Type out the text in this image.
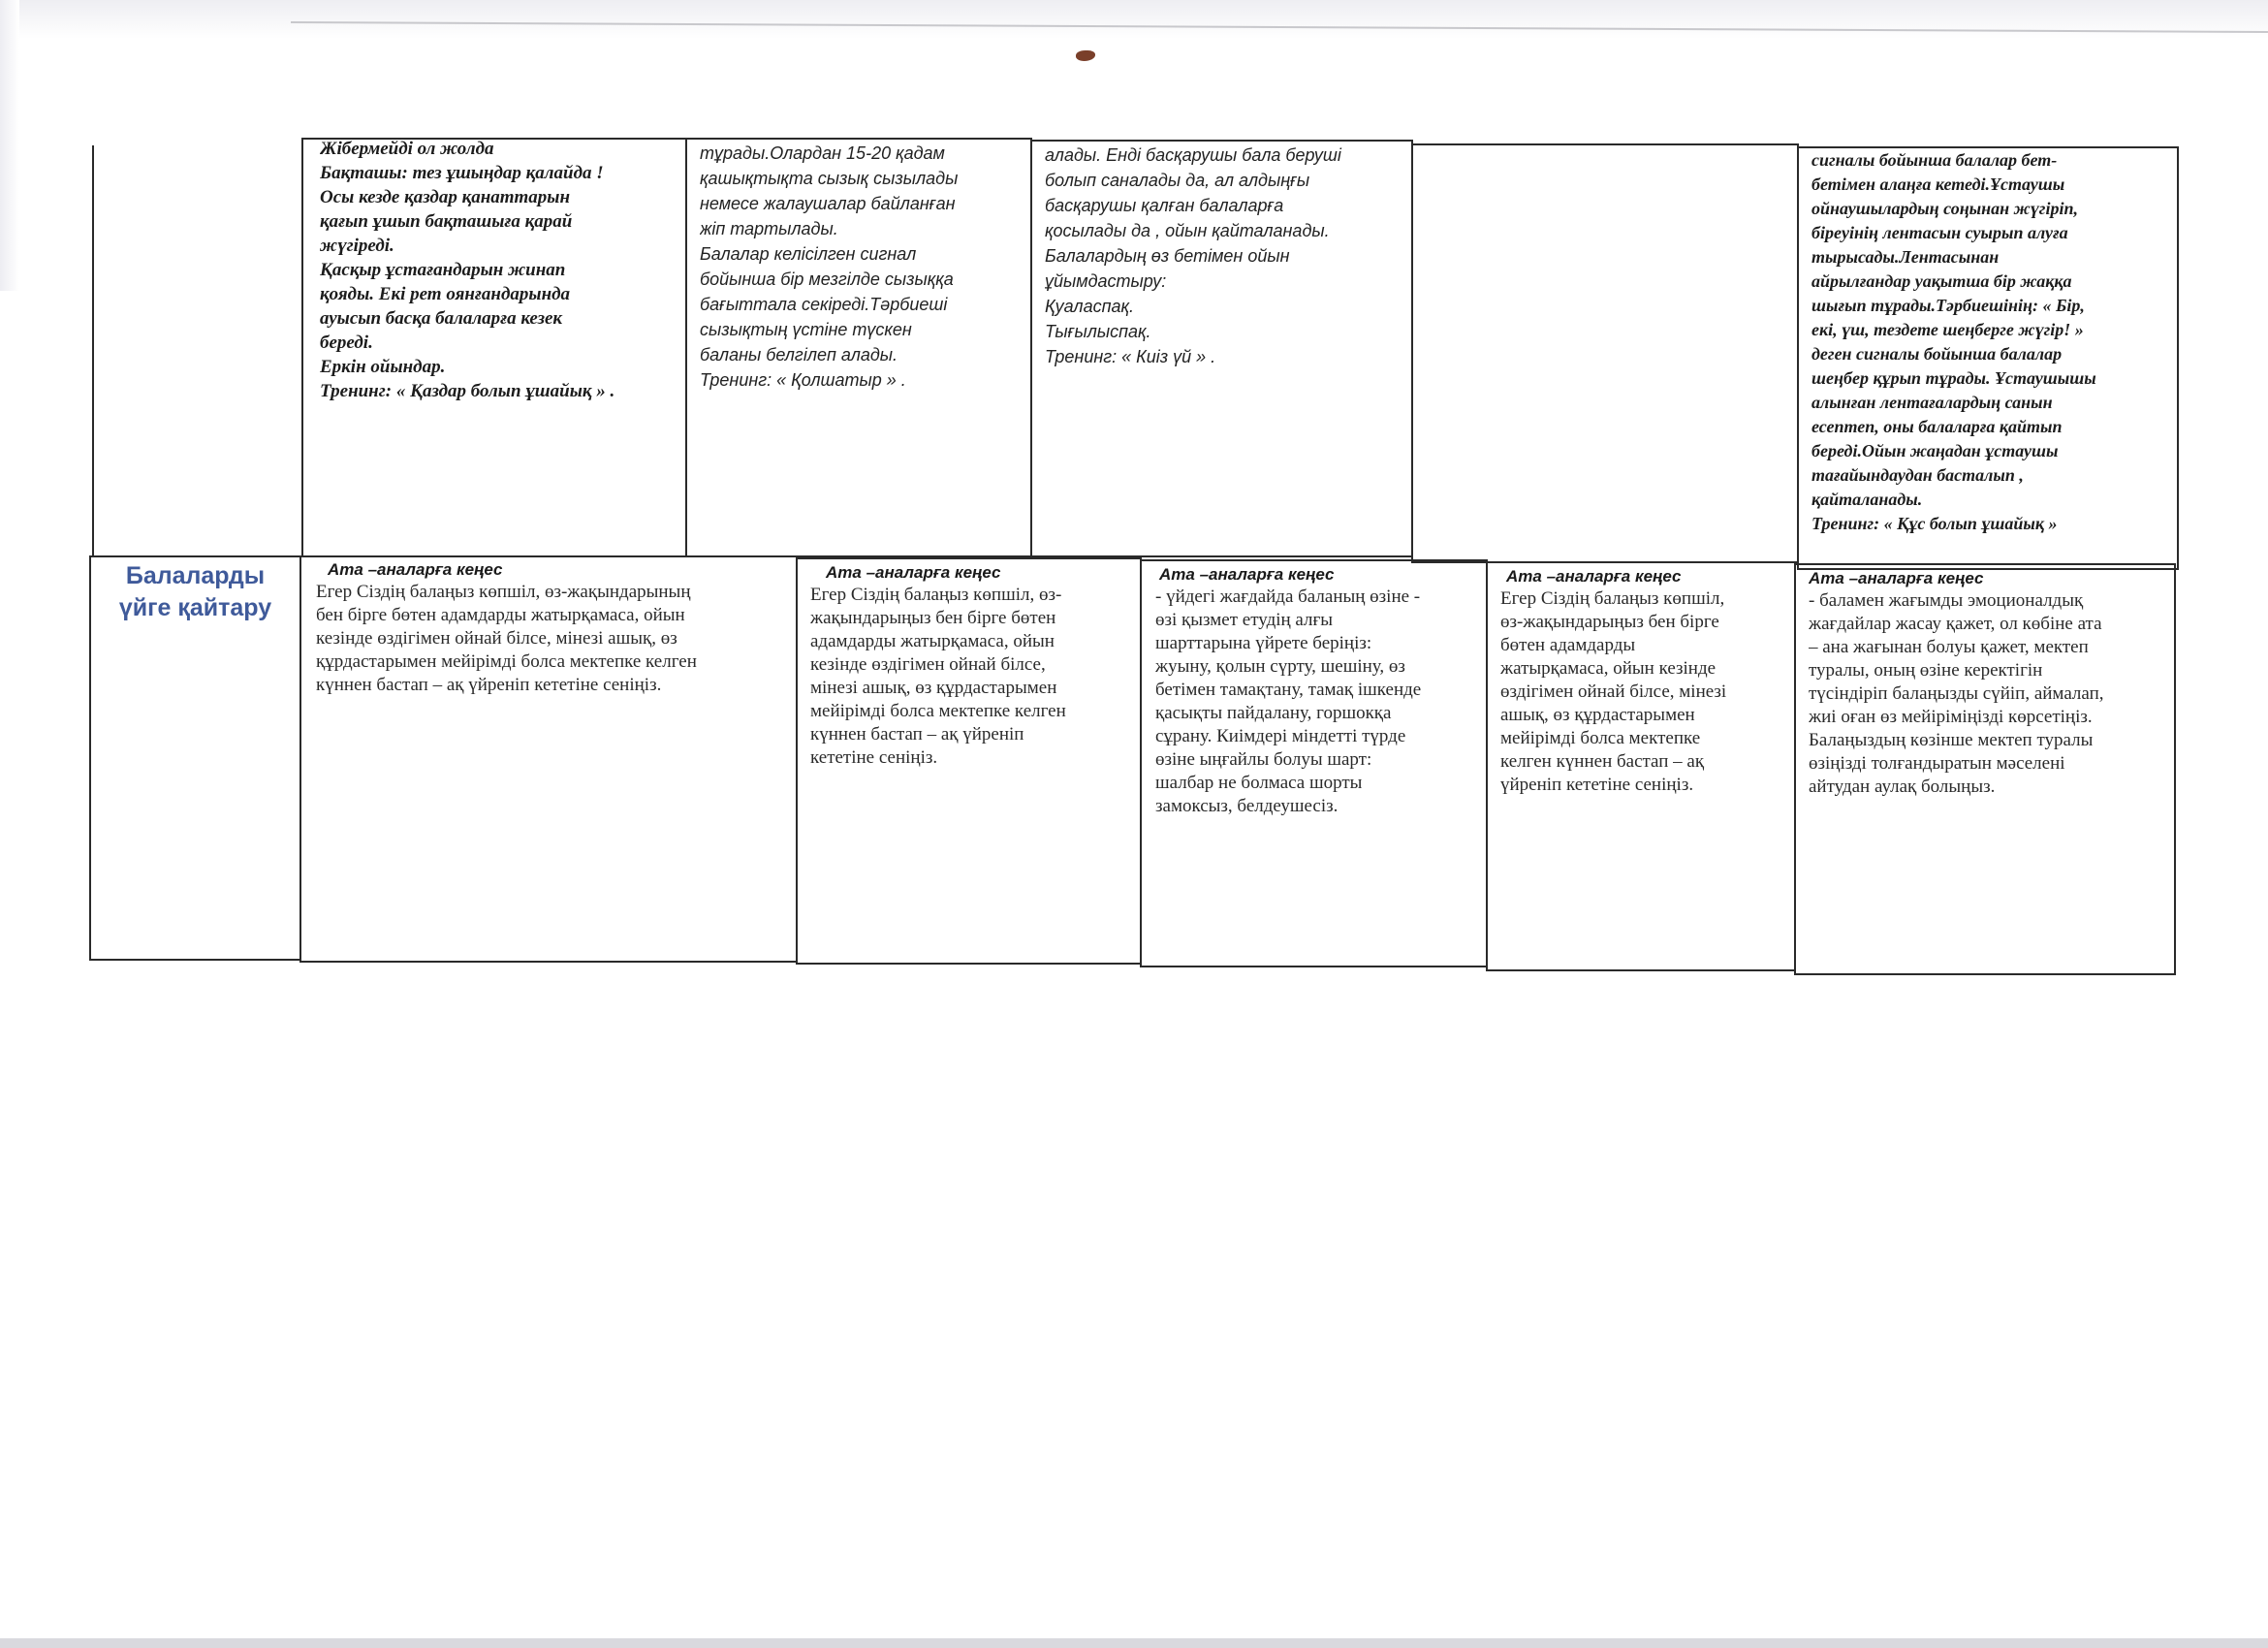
Жібермейді ол жолда
Бақташы: тез ұшыңдар қалайда !
Осы кезде қаздар қанаттарын
қағып ұшып бақташыға қарай
жүгіреді.
Қасқыр ұстағандарын жинап
қояды. Екі рет оянғандарында
ауысып басқа балаларға кезек
береді.
Еркін ойындар.
Тренинг: « Қаздар болып ұшайық » .
тұрады.Олардан 15-20 қадам
қашықтықта сызық сызылады
немесе жалаушалар байланған
жіп тартылады.
Балалар келісілген сигнал
бойынша бір мезгілде сызыққа
бағыттала секіреді.Тәрбиеші
сызықтың үстіне түскен
баланы белгілеп алады.
Тренинг: « Қолшатыр » .
алады. Енді басқарушы бала беруші
болып саналады да, ал алдыңғы
басқарушы қалған балаларға
қосылады да , ойын қайталанады.
Балалардың өз бетімен ойын
ұйымдастыру:
Қуаласпақ.
Тығылыспақ.
Тренинг: « Киіз үй » .
сигналы бойынша балалар бет-
бетімен алаңға кетеді.Ұстаушы
ойнаушылардың соңынан жүгіріп,
біреуінің лентасын суырып алуға
тырысады.Лентасынан
айрылғандар уақытша бір жаққа
шығып тұрады.Тәрбиешінің: « Бір,
екі, үш, тездете шеңберге жүгір! »
деген сигналы бойынша балалар
шеңбер құрып тұрады. Ұстаушышы
алынған лентағалардың санын
есептеп, оны балаларға қайтып
береді.Ойын жаңадан ұстаушы
тағайындаудан басталып ,
қайталанады.
Тренинг: « Құс болып ұшайық »
Балаларды
үйге қайтару
Ата –аналарға кеңес
Егер Сіздің балаңыз көпшіл, өз-жақындарының
бен бірге бөтен адамдарды жатырқамаса, ойын
кезінде өздігімен ойнай білсе, мінезі ашық, өз
құрдастарымен мейірімді болса мектепке келген
күннен бастап – ақ үйреніп кететіне сеніңіз.
Ата –аналарға кеңес
Егер Сіздің балаңыз көпшіл, өз-
жақындарыңыз бен бірге бөтен
адамдарды жатырқамаса, ойын
кезінде өздігімен ойнай білсе,
мінезі ашық, өз құрдастарымен
мейірімді болса мектепке келген
күннен бастап – ақ үйреніп
кететіне сеніңіз.
Ата –аналарға кеңес
- үйдегі жағдайда баланың өзіне -
өзі қызмет етудің алғы
шарттарына үйрете беріңіз:
жуыну, қолын сүрту, шешіну, өз
бетімен тамақтану, тамақ ішкенде
қасықты пайдалану, горшокқа
сұрану. Киімдері міндетті түрде
өзіне ыңғайлы болуы шарт:
шалбар не болмаса шорты
замоксыз, белдеушесіз.
Ата –аналарға кеңес
Егер Сіздің балаңыз көпшіл,
өз-жақындарыңыз бен бірге
бөтен адамдарды
жатырқамаса, ойын кезінде
өздігімен ойнай білсе, мінезі
ашық, өз құрдастарымен
мейірімді болса мектепке
келген күннен бастап – ақ
үйреніп кететіне сеніңіз.
Ата –аналарға кеңес
- баламен жағымды эмоционалдық
жағдайлар жасау қажет, ол көбіне ата
– ана жағынан болуы қажет, мектеп
туралы, оның өзіне керектігін
түсіндіріп балаңызды сүйіп, аймалап,
жиі оған өз мейіріміңізді көрсетіңіз.
Балаңыздың көзінше мектеп туралы
өзіңізді толғандыратын мәселені
айтудан аулақ болыңыз.
